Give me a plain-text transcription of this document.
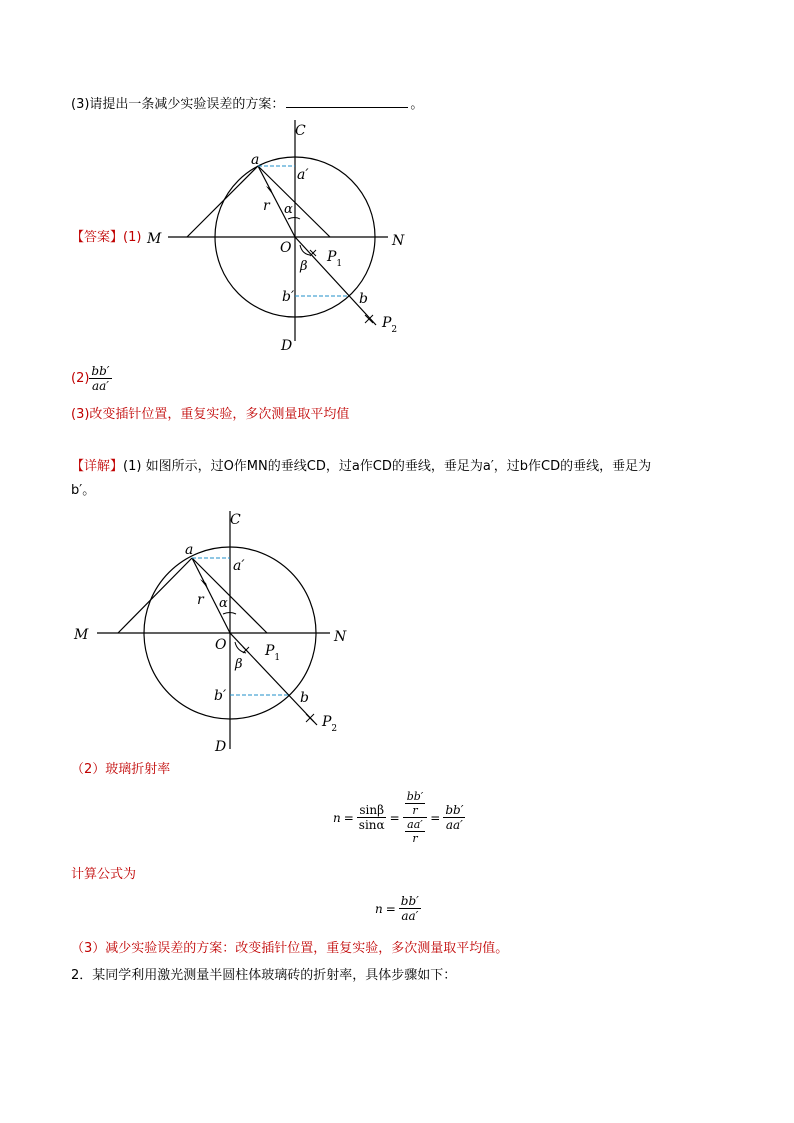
(3)请提出一条减少实验误差的方案：	。
【答案】(1)
C
D
M	N
O
a
a′
r α
β
$P_1$
b′	b
$P_2$
$(2) \frac{bb'}{aa'}$
(3)改变插针位置，重复实验，多次测量取平均值
【详解】(1) 如图所示，过O作MN的垂线CD，过a作CD的垂线，垂足为a′，过b作CD的垂线，垂足为
b′。
C
D
M	N
O
a
a′
r α
β
$P_1$
b′	b
$P_2$
（2）玻璃折射率
$n = \frac{\sin\beta}{\sin\alpha} = \frac{\frac{bb'}{r}}{\frac{aa'}{r}} = \frac{bb'}{aa'}$
计算公式为
$n = \frac{bb'}{aa'}$
（3）减少实验误差的方案：改变插针位置，重复实验，多次测量取平均值。
2．某同学利用激光测量半圆柱体玻璃砖的折射率，具体步骤如下：
